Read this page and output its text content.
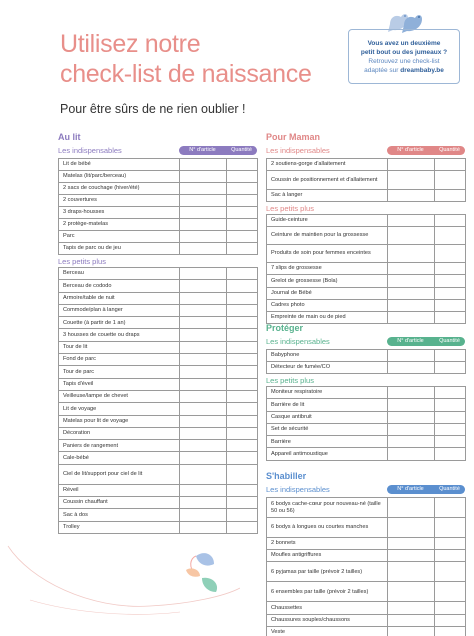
Utilisez notre
check-list de naissance
Pour être sûrs de ne rien oublier !
Vous avez un deuxième
petit bout ou des jumeaux ?
Retrouvez une check-list
adaptée sur dreambaby.be
Au lit
Les indispensables	N° d'article	Quantité
Lit de bébé		
Matelas (lit/parc/berceau)		
2 sacs de couchage (hiver/été)		
2 couvertures		
3 draps-housses		
2 protège-matelas		
Parc		
Tapis de parc ou de jeu		
Les petits plus
Berceau		
Berceau de cododo		
Armoire/table de nuit		
Commode/plan à langer		
Couette (à partir de 1 an)		
3 housses de couette ou draps		
Tour de lit		
Fond de parc		
Tour de parc		
Tapis d'éveil		
Veilleuse/lampe de chevet		
Lit de voyage		
Matelas pour lit de voyage		
Décoration		
Paniers de rangement		
Cale-bébé		
Ciel de lit/support pour ciel de lit		
Réveil		
Coussin chauffant		
Sac à dos		
Trolley		
Pour Maman
Les indispensables	N° d'article	Quantité
2 soutiens-gorge d'allaitement		
Coussin de positionnement et d'allaitement		
Sac à langer		
Les petits plus
Guide-ceinture		
Ceinture de maintien pour la grossesse		
Produits de soin pour femmes enceintes		
7 slips de grossesse		
Grelot de grossesse (Bola)		
Journal de Bébé		
Cadres photo		
Empreinte de main ou de pied		
Protéger
Les indispensables	N° d'article	Quantité
Babyphone		
Détecteur de fumée/CO		
Les petits plus
Moniteur respiratoire		
Barrière de lit		
Casque antibruit		
Set de sécurité		
Barrière		
Appareil antimoustique		
S'habiller
Les indispensables	N° d'article	Quantité
6 bodys cache-cœur pour nouveau-né (taille 50 ou 56)		
6 bodys à longues ou courtes manches		
2 bonnets		
Moufles antigriffures		
6 pyjamas par taille (prévoir 2 tailles)		
6 ensembles par taille (prévoir 2 tailles)		
Chaussettes		
Chaussures souples/chaussons		
Veste		
